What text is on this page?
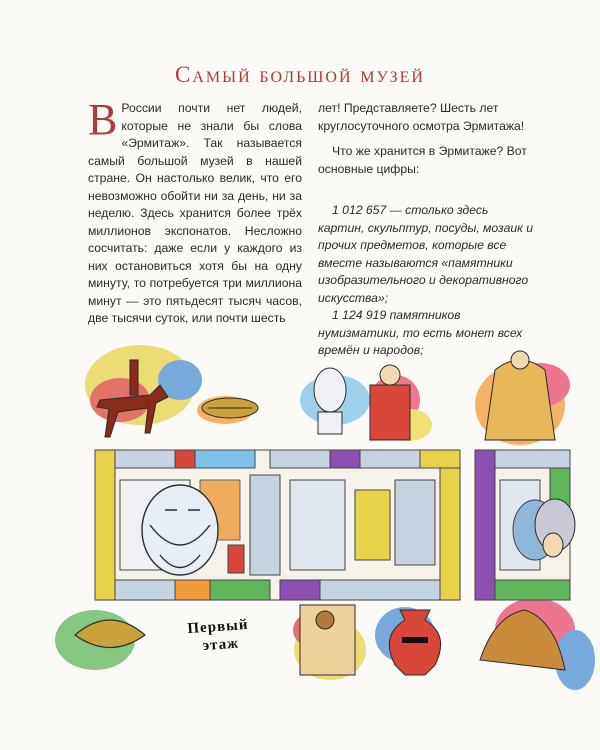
Самый большой музей

В России почти нет людей, которые не знали бы слова «Эрмитаж». Так называется самый большой музей в нашей стране. Он настолько велик, что его невозможно обойти ни за день, ни за неделю. Здесь хранится более трёх миллионов экспонатов. Несложно сосчитать: даже если у каждого из них остановиться хотя бы на одну минуту, то потребуется три миллиона минут — это пятьдесят тысяч часов, две тысячи суток, или почти шесть

лет! Представляете? Шесть лет круглосуточного осмотра Эрмитажа!

Что же хранится в Эрмитаже? Вот основные цифры:

1 012 657 — столько здесь картин, скульптур, посуды, мозаик и прочих предметов, которые все вместе называются «памятники изобразительного и декоративного искусства»;

1 124 919 памятников нумизматики, то есть монет всех времён и народов;

Первый
этаж
